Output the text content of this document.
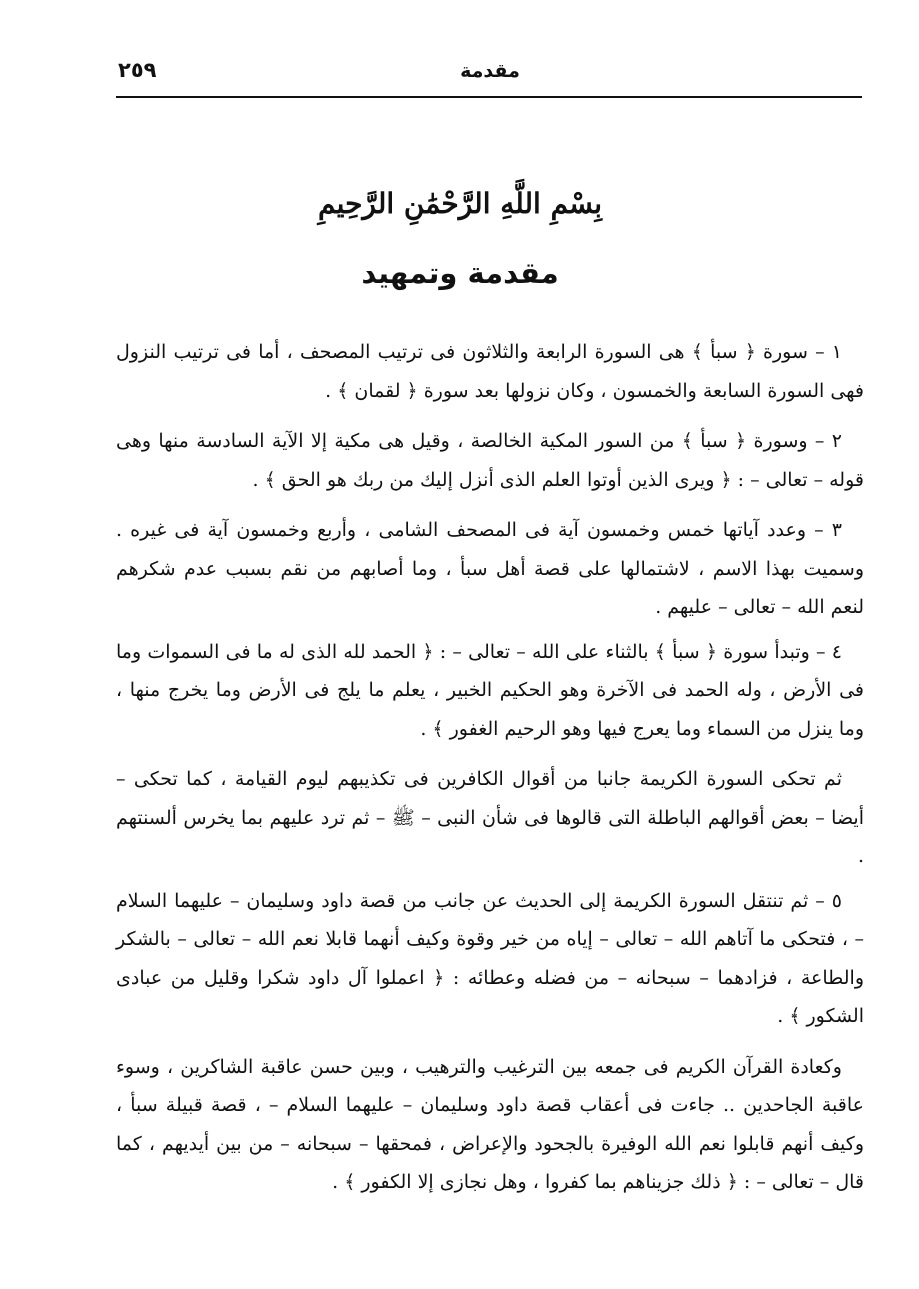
مقدمة
٢٥٩
بِسْمِ اللَّهِ الرَّحْمَٰنِ الرَّحِيمِ
مقدمة وتمهيد

١ – سورة ﴿ سبأ ﴾ هى السورة الرابعة والثلاثون فى ترتيب المصحف ، أما فى ترتيب النزول فهى السورة السابعة والخمسون ، وكان نزولها بعد سورة ﴿ لقمان ﴾ .

٢ – وسورة ﴿ سبأ ﴾ من السور المكية الخالصة ، وقيل هى مكية إلا الآية السادسة منها وهى قوله – تعالى – : ﴿ ويرى الذين أوتوا العلم الذى أنزل إليك من ربك هو الحق ﴾ .

٣ – وعدد آياتها خمس وخمسون آية فى المصحف الشامى ، وأربع وخمسون آية فى غيره . وسميت بهذا الاسم ، لاشتمالها على قصة أهل سبأ ، وما أصابهم من نقم بسبب عدم شكرهم لنعم الله – تعالى – عليهم .

٤ – وتبدأ سورة ﴿ سبأ ﴾ بالثناء على الله – تعالى – : ﴿ الحمد لله الذى له ما فى السموات وما فى الأرض ، وله الحمد فى الآخرة وهو الحكيم الخبير ، يعلم ما يلج فى الأرض وما يخرج منها ، وما ينزل من السماء وما يعرج فيها وهو الرحيم الغفور ﴾ .

ثم تحكى السورة الكريمة جانبا من أقوال الكافرين فى تكذيبهم ليوم القيامة ، كما تحكى – أيضا – بعض أقوالهم الباطلة التى قالوها فى شأن النبى – ﷺ – ثم ترد عليهم بما يخرس ألسنتهم .

٥ – ثم تنتقل السورة الكريمة إلى الحديث عن جانب من قصة داود وسليمان – عليهما السلام – ، فتحكى ما آتاهم الله – تعالى – إياه من خير وقوة وكيف أنهما قابلا نعم الله – تعالى – بالشكر والطاعة ، فزادهما – سبحانه – من فضله وعطائه : ﴿ اعملوا آل داود شكرا وقليل من عبادى الشكور ﴾ .

وكعادة القرآن الكريم فى جمعه بين الترغيب والترهيب ، وبين حسن عاقبة الشاكرين ، وسوء عاقبة الجاحدين .. جاءت فى أعقاب قصة داود وسليمان – عليهما السلام – ، قصة قبيلة سبأ ، وكيف أنهم قابلوا نعم الله الوفيرة بالجحود والإعراض ، فمحقها – سبحانه – من بين أيديهم ، كما قال – تعالى – : ﴿ ذلك جزيناهم بما كفروا ، وهل نجازى إلا الكفور ﴾ .
